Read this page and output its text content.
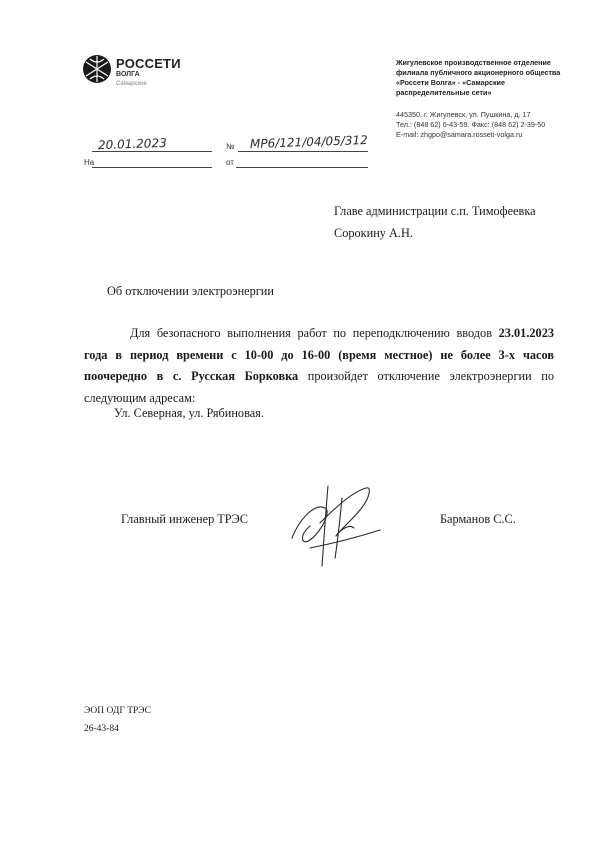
РОССЕТИ
ВОЛГА
Самарские
Жигулевское производственное отделение
филиала публичного акционерного общества
«Россети Волга» - «Самарские
распределительные сети»
445350, г. Жигулевск, ул. Пушкина, д. 17
Тел.: (848 62) 6-43-59. Факс: (848 62) 2-39-50
E-mail: zhgpo@samara.rosseti-volga.ru
20.01.2023	№ МР6/121/04/05/312
На	от
Главе администрации с.п. Тимофеевка
Сорокину А.Н.
Об отключении электроэнергии
Для безопасного выполнения работ по переподключению вводов 23.01.2023 года в период времени с 10-00 до 16-00 (время местное) не более 3-х часов поочередно в с. Русская Борковка произойдет отключение электроэнергии по следующим адресам:
Ул. Северная, ул. Рябиновая.
Главный инженер ТРЭС	Барманов С.С.
ЭОП ОДГ ТРЭС
26-43-84
